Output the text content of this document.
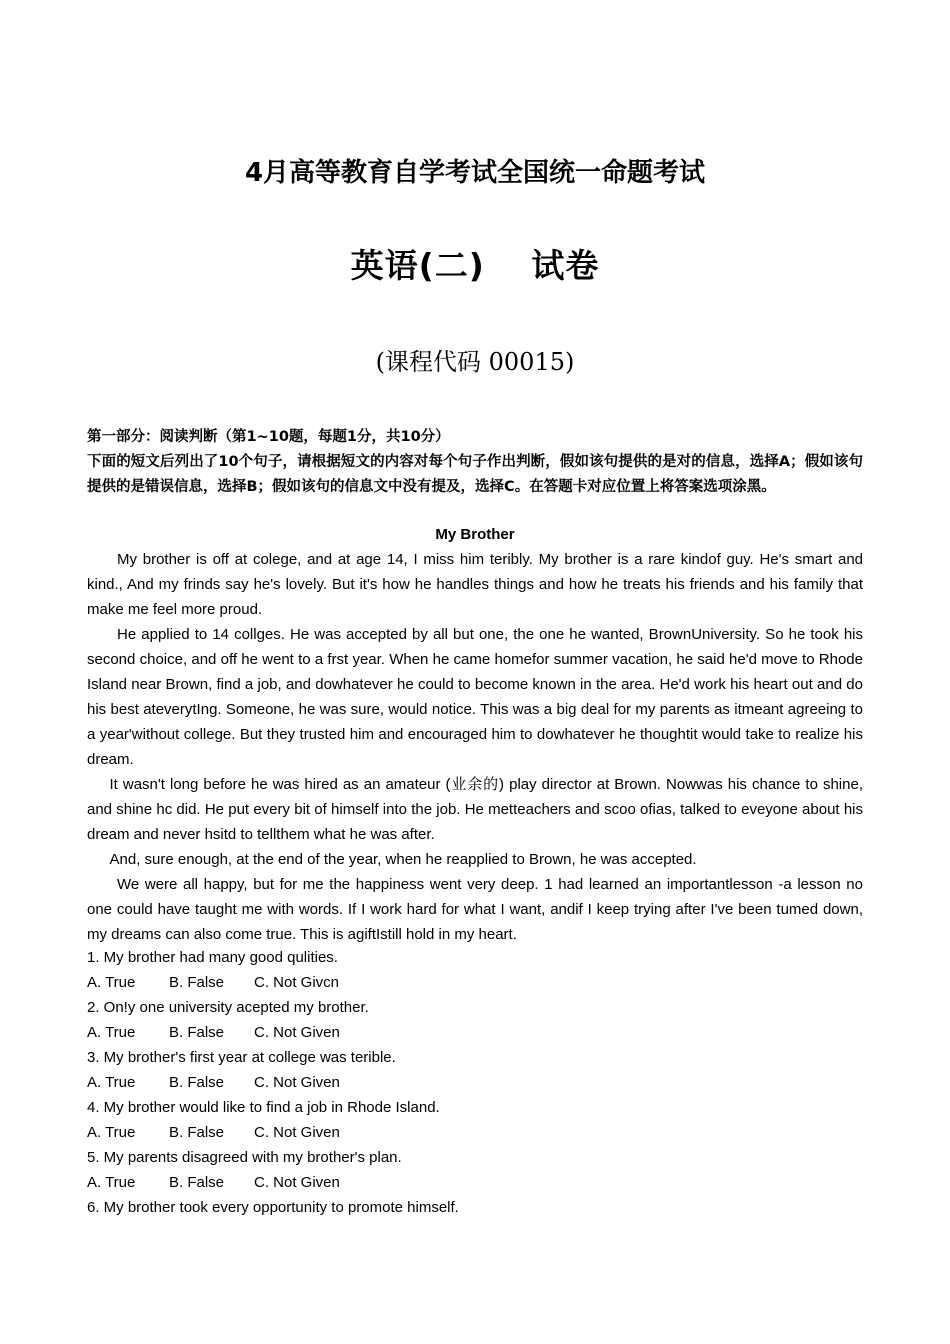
4月高等教育自学考试全国统一命题考试
英语(二)　 试卷
(课程代码 00015)
第一部分：阅读判断（第1~10题，每题1分，共10分）
下面的短文后列出了10个句子，请根据短文的内容对每个句子作出判断，假如该句提供的是对的信息，选择A；假如该句提供的是错误信息，选择B；假如该句的信息文中没有提及，选择C。在答题卡对应位置上将答案选项涂黑。
My Brother

My brother is off at colege, and at age 14, I miss him teribly. My brother is a rare kindof guy. He's smart and kind., And my frinds say he's lovely. But it's how he handles things and how he treats his friends and his family that make me feel more proud.

He applied to 14 collges. He was accepted by all but one, the one he wanted, BrownUniversity. So he took his second choice, and off he went to a frst year. When he came homefor summer vacation, he said he'd move to Rhode Island near Brown, find a job, and dowhatever he could to become known in the area. He'd work his heart out and do his best ateverytIng. Someone, he was sure, would notice. This was a big deal for my parents as itmeant agreeing to a year'without college. But they trusted him and encouraged him to dowhatever he thoughtit would take to realize his dream.

It wasn't long before he was hired as an amateur (业余的) play director at Brown. Nowwas his chance to shine, and shine hc did. He put every bit of himself into the job. He metteachers and scoo ofias, talked to eveyone about his dream and never hsitd to tellthem what he was after.

And, sure enough, at the end of the year, when he reapplied to Brown, he was accepted.

We were all happy, but for me the happiness went very deep. 1 had learned an importantlesson -a lesson no one could have taught me with words. If I work hard for what I want, andif I keep trying after I've been tumed down, my dreams can also come true. This is agiftIstill hold in my heart.

1. My brother had many good qulities.
A. True B. False C. Not Givcn
2. On!y one university acepted my brother.
A. True B. False C. Not Given
3. My brother's first year at college was terible.
A. True B. False C. Not Given
4. My brother would like to find a job in Rhode Island.
A. True B. False C. Not Given
5. My parents disagreed with my brother's plan.
A. True B. False C. Not Given
6. My brother took every opportunity to promote himself.
